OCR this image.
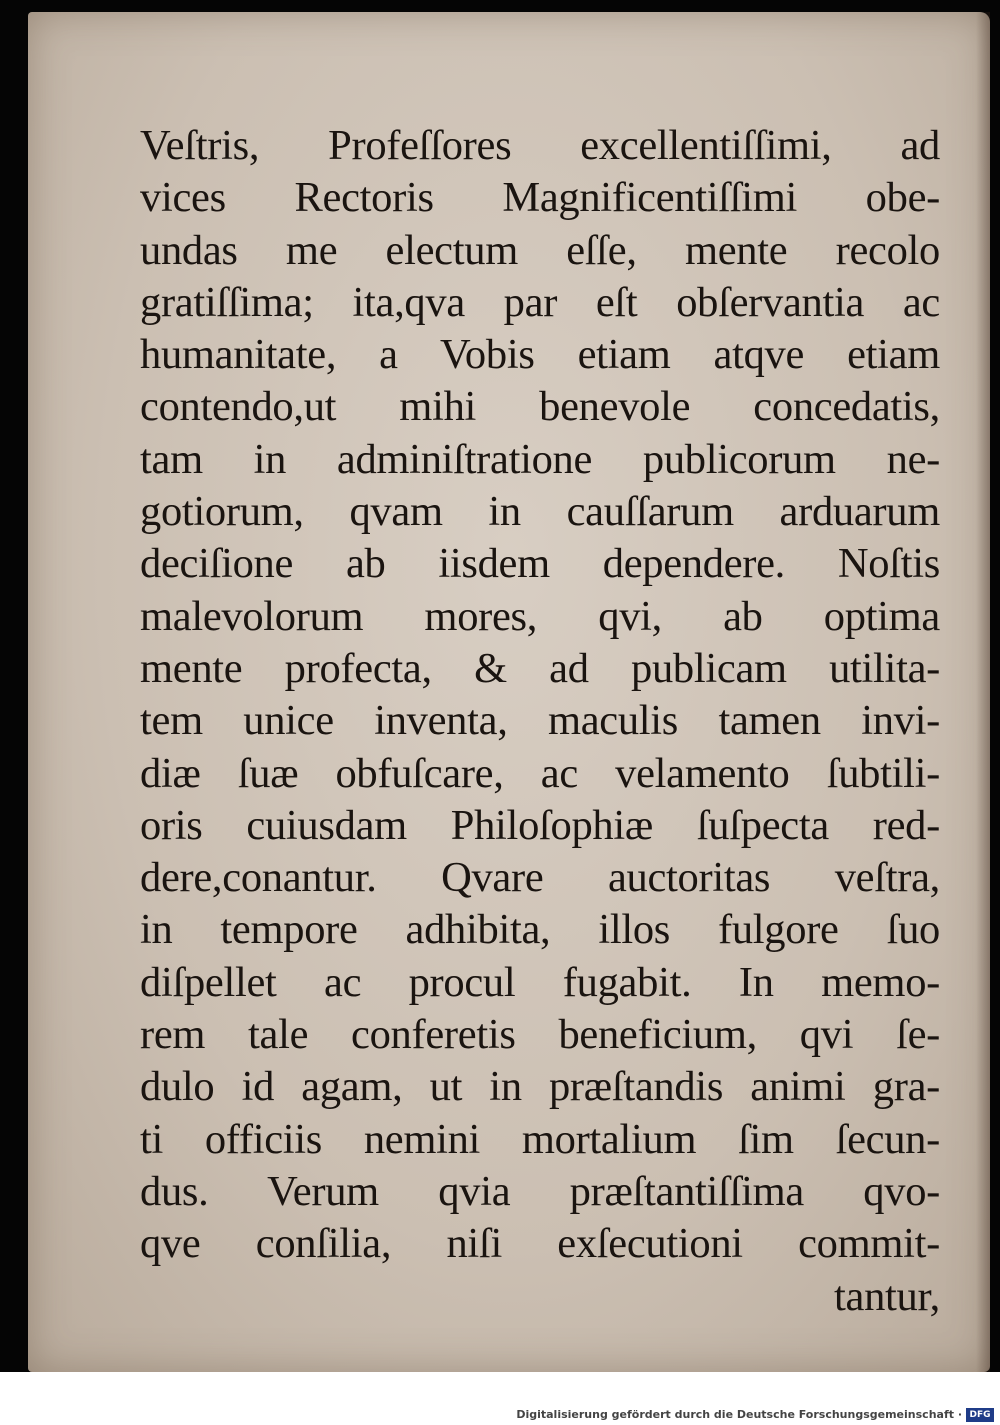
Veſtris, Profeſſores excellentiſſimi, ad
vices Rectoris Magnificentiſſimi obe-
undas me electum eſſe, mente recolo
gratiſſima; ita,qva par eſt obſervantia ac
humanitate, a Vobis etiam atqve etiam
contendo,ut mihi benevole concedatis,
tam in adminiſtratione publicorum ne-
gotiorum, qvam in cauſſarum arduarum
deciſione ab iisdem dependere. Noſtis
malevolorum mores, qvi, ab optima
mente profecta, & ad publicam utilita-
tem unice inventa, maculis tamen invi-
diæ ſuæ obfuſcare, ac velamento ſubtili-
oris cuiusdam Philoſophiæ ſuſpecta red-
dere,conantur. Qvare auctoritas veſtra,
in tempore adhibita, illos fulgore ſuo
diſpellet ac procul fugabit. In memo-
rem tale conferetis beneficium, qvi ſe-
dulo id agam, ut in præſtandis animi gra-
ti officiis nemini mortalium ſim ſecun-
dus. Verum qvia præſtantiſſima qvo-
qve conſilia, niſi exſecutioni commit-
tantur,
Digitalisierung gefördert durch die Deutsche Forschungsgemeinschaft · DFG
